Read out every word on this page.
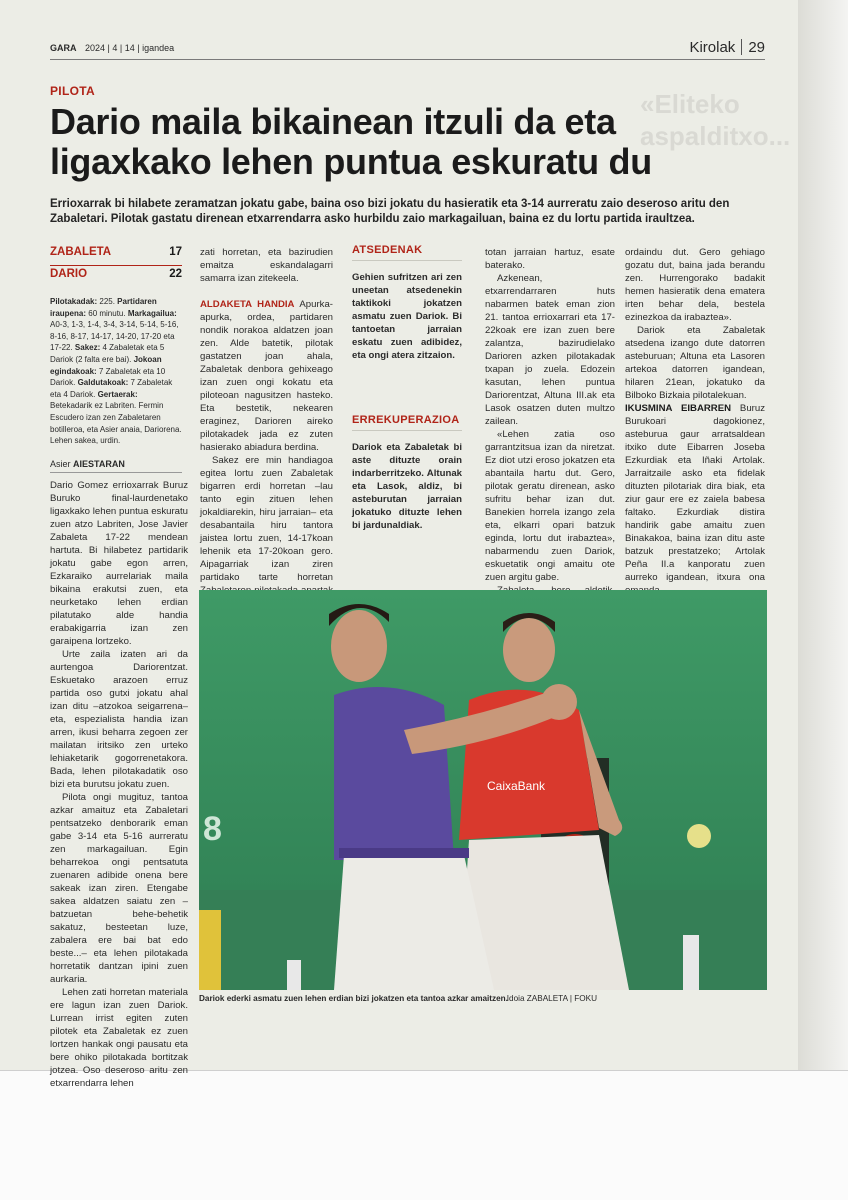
«Eliteko aspalditxo...
GARA 2024 | 4 | 14 | igandea	Kirolak 29
PILOTA
Dario maila bikainean itzuli da eta ligaxkako lehen puntua eskuratu du
Errioxarrak bi hilabete zeramatzan jokatu gabe, baina oso bizi jokatu du hasieratik eta 3-14 aurreratu zaio deseroso aritu den Zabaletari. Pilotak gastatu direnean etxarrendarra asko hurbildu zaio markagailuan, baina ez du lortu partida iraultzea.
ZABALETA	17
DARIO	22
Pilotakadak: 225. Partidaren iraupena: 60 minutu. Markagailua: A0-3, 1-3, 1-4, 3-4, 3-14, 5-14, 5-16, 8-16, 8-17, 14-17, 14-20, 17-20 eta 17-22. Sakez: 4 Zabaletak eta 5 Dariok (2 falta ere bai). Jokoan egindakoak: 7 Zabaletak eta 10 Dariok. Galdutakoak: 7 Zabaletak eta 4 Dariok. Gertaerak: Betekadarik ez Labriten. Fermin Escudero izan zen Zabaletaren botilleroa, eta Asier anaia, Dariorena. Lehen sakea, urdin.
Asier AIESTARAN

Dario Gomez errioxarrak Buruz Buruko final-laurdenetako ligaxkako lehen puntua eskuratu zuen atzo Labriten, Jose Javier Zabaleta 17-22 mendean hartuta. Bi hilabetez partidarik jokatu gabe egon arren, Ezkaraiko aurrelariak maila bikaina erakutsi zuen, eta neurketako lehen erdian pilatutako alde handia erabakigarria izan zen garaipena lortzeko.

Urte zaila izaten ari da aurtengoa Dariorentzat. Eskuetako arazoen erruz partida oso gutxi jokatu ahal izan ditu –atzokoa seigarrena– eta, espezialista handia izan arren, ikusi beharra zegoen zer mailatan iritsiko zen urteko lehiaketarik gogorrenetakora. Bada, lehen pilotakadatik oso bizi eta burutsu jokatu zuen.

Pilota ongi mugituz, tantoa azkar amaituz eta Zabaletari pentsatzeko denborarik eman gabe 3-14 eta 5-16 aurreratu zen markagailuan. Egin beharrekoa ongi pentsatuta zuenaren adibide onena bere sakeak izan ziren. Etengabe sakea aldatzen saiatu zen –batzuetan behe-behetik sakatuz, besteetan luze, zabalera ere bai bat edo beste...– eta lehen pilotakada horretatik dantzan ipini zuen aurkaria.

Lehen zati horretan materiala ere lagun izan zuen Dariok. Lurrean irrist egiten zuten pilotek eta Zabaletak ez zuen lortzen hankak ongi pausatu eta bere ohiko pilotakada bortitzak jotzea. Oso deseroso aritu zen etxarrendarra lehen

zati horretan, eta bazirudien emaitza eskandalagarri samarra izan zitekeela.

ALDAKETA HANDIA Apurka-apurka, ordea, partidaren nondik norakoa aldatzen joan zen. Alde batetik, pilotak gastatzen joan ahala, Zabaletak denbora gehixeago izan zuen ongi kokatu eta piloteoan nagusitzen hasteko. Eta bestetik, nekearen eraginez, Darioren aireko pilotakadek jada ez zuten hasierako abiadura berdina.

Sakez ere min handiagoa egitea lortu zuen Zabaletak bigarren erdi horretan –lau tanto egin zituen lehen jokaldiarekin, hiru jarraian– eta desabantaila hiru tantora jaistea lortu zuen, 14-17koan lehenik eta 17-20koan gero. Aipagarriak izan ziren partidako tarte horretan

ATSEDENAK
Gehien sufritzen ari zen uneetan atsedenekin taktikoki jokatzen asmatu zuen Dariok. Bi tantoetan jarraian eskatu zuen adibidez, eta ongi atera zitzaion.
ERREKUPERAZIOA
Dariok eta Zabaletak bi aste dituzte orain indarberritzeko. Altunak eta Lasok, aldiz, bi asteburutan jarraian jokatuko dituzte lehen bi jardunaldiak.

totan jarraian hartuz, esate baterako.

Azkenean, etxarrendarraren huts nabarmen batek eman zion 21. tantoa errioxarrari eta 17-22koak ere izan zuen bere zalantza, bazirudielako Darioren azken pilotakadak txapan jo zuela. Edozein kasutan, lehen puntua Dariorentzat, Altuna III.ak eta Lasok osatzen duten multzo zailean.

«Lehen zatia oso garrantzitsua izan da niretzat. Ez diot utzi eroso jokatzen eta abantaila hartu dut. Gero, pilotak geratu direnean, asko sufritu behar izan dut. Banekien horrela izango zela eta, elkarri opari batzuk eginda, lortu dut irabaztea», nabarmendu zuen Dariok, eskuetatik ongi amaitu ote zuen argitu gabe.

ordaindu dut. Gero gehiago gozatu dut, baina jada berandu zen. Hurrengorako badakit hemen hasieratik dena ematera irten behar dela, bestela ezinezkoa da irabaztea».

Dariok eta Zabaletak atsedena izango dute datorren asteburuan; Altuna eta Lasoren artekoa datorren igandean, hilaren 21ean, jokatuko da Bilboko Bizkaia pilotalekuan.

IKUSMINA EIBARREN Buruz Burukoari dagokionez, asteburua gaur arratsaldean itxiko dute Eibarren Joseba Ezkurdiak eta Iñaki Artolak. Jarraitzaile asko eta fidelak dituzten pilotariak dira biak, eta ziur gaur ere ez zaiela babesa faltako. Ezkurdiak distira handirik gabe amaitu zuen Binakakoa, baina izan ditu aste batzuk prestatzeko; Artolak Peña II.a kanporatu zuen aurreko igandean, itxura ona

8
CaixaBank
Dariok ederki asmatu zuen lehen erdian bizi jokatzen eta tantoa azkar amaitzen.
Idoia ZABALETA | FOKU
